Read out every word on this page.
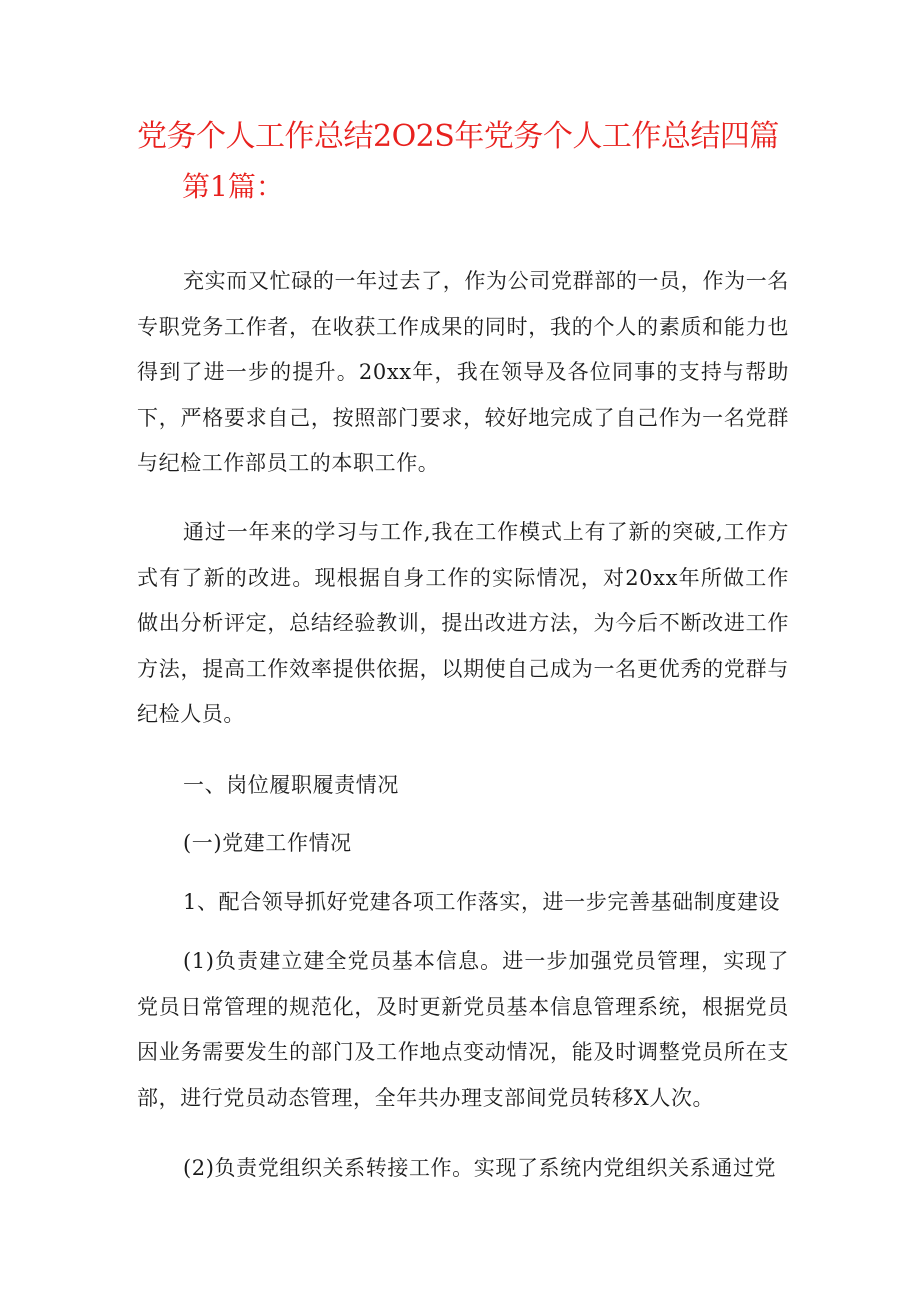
党务个人工作总结2O2S年党务个人工作总结四篇
第1篇：

充实而又忙碌的一年过去了，作为公司党群部的一员，作为一名专职党务工作者，在收获工作成果的同时，我的个人的素质和能力也得到了进一步的提升。20xx年，我在领导及各位同事的支持与帮助下，严格要求自己，按照部门要求，较好地完成了自己作为一名党群与纪检工作部员工的本职工作。

通过一年来的学习与工作,我在工作模式上有了新的突破,工作方式有了新的改进。现根据自身工作的实际情况，对20xx年所做工作做出分析评定，总结经验教训，提出改进方法，为今后不断改进工作方法，提高工作效率提供依据，以期使自己成为一名更优秀的党群与纪检人员。

一、岗位履职履责情况

(一)党建工作情况

1、配合领导抓好党建各项工作落实，进一步完善基础制度建设

(1)负责建立建全党员基本信息。进一步加强党员管理，实现了党员日常管理的规范化，及时更新党员基本信息管理系统，根据党员因业务需要发生的部门及工作地点变动情况，能及时调整党员所在支部，进行党员动态管理，全年共办理支部间党员转移X人次。

(2)负责党组织关系转接工作。实现了系统内党组织关系通过党
